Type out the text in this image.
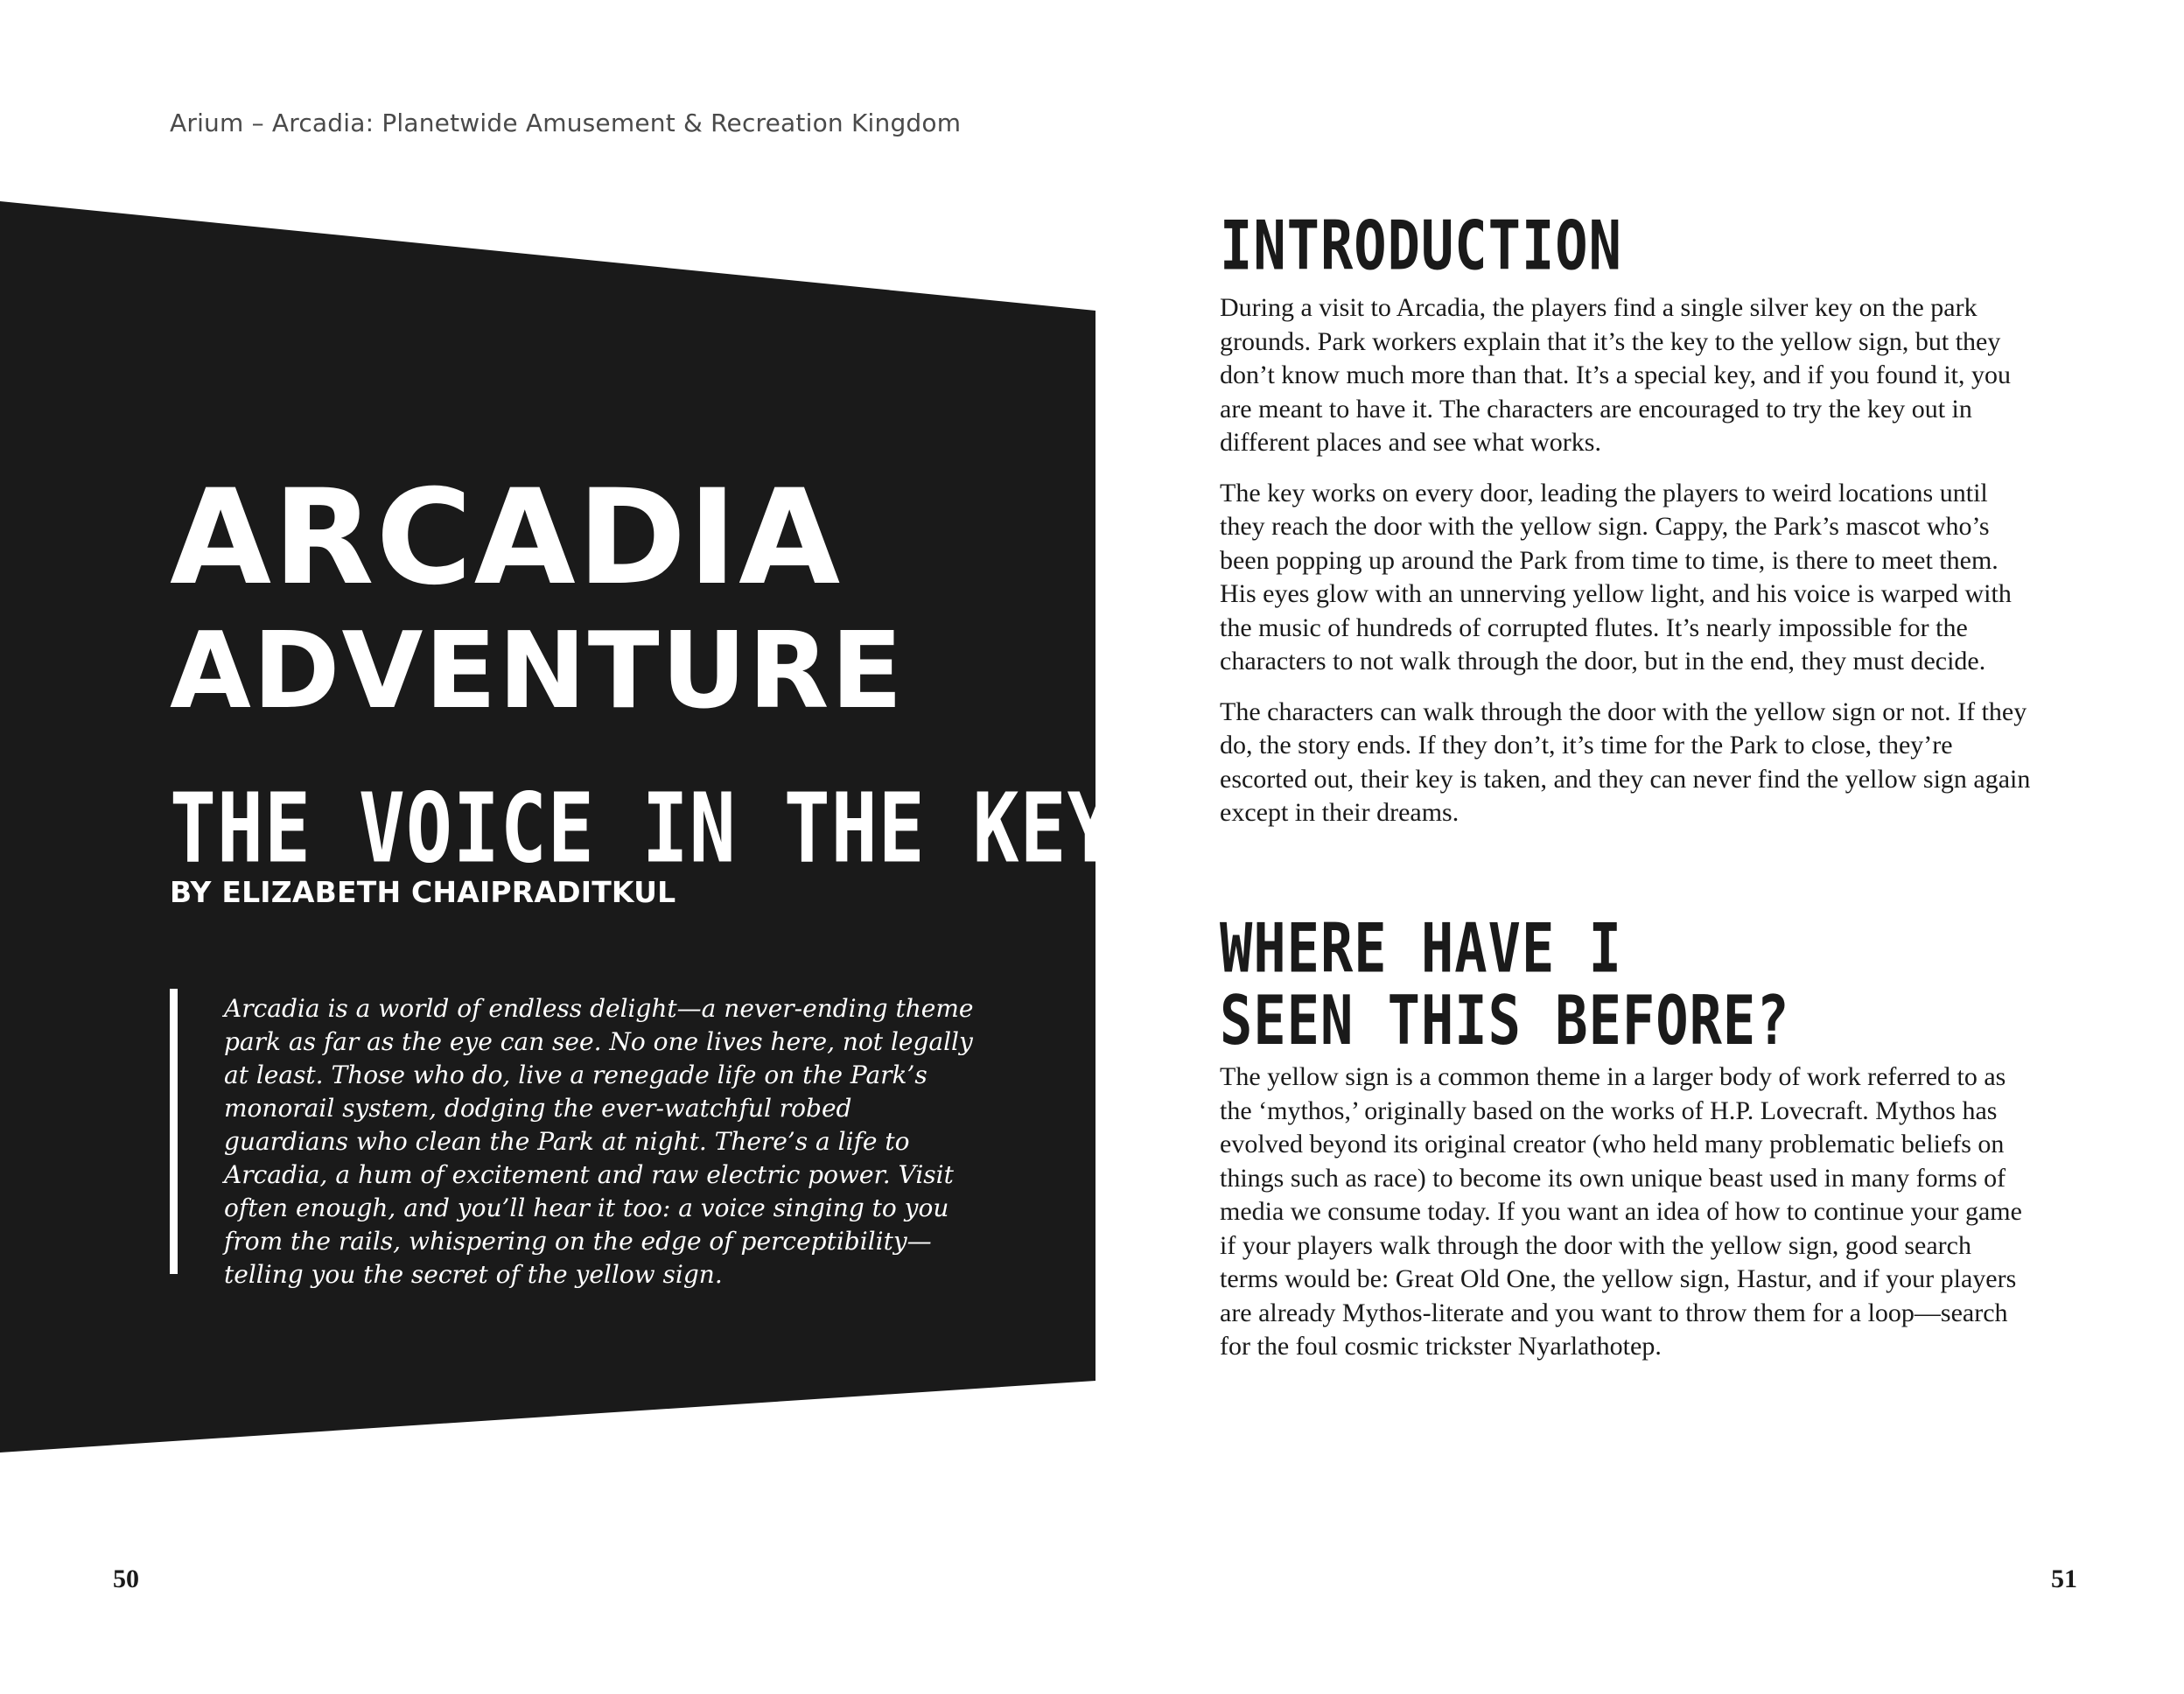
Arium – Arcadia: Planetwide Amusement & Recreation Kingdom
ARCADIA
ADVENTURE
THE VOICE IN THE KEY
BY ELIZABETH CHAIPRADITKUL

Arcadia is a world of endless delight—a never-ending theme park as far as the eye can see. No one lives here, not legally at least. Those who do, live a renegade life on the Park’s monorail system, dodging the ever-watchful robed guardians who clean the Park at night. There’s a life to Arcadia, a hum of excitement and raw electric power. Visit often enough, and you’ll hear it too: a voice singing to you from the rails, whispering on the edge of perceptibility—telling you the secret of the yellow sign.

INTRODUCTION

During a visit to Arcadia, the players find a single silver key on the park grounds. Park workers explain that it’s the key to the yellow sign, but they don’t know much more than that. It’s a special key, and if you found it, you are meant to have it. The characters are encouraged to try the key out in different places and see what works.

The key works on every door, leading the players to weird locations until they reach the door with the yellow sign. Cappy, the Park’s mascot who’s been popping up around the Park from time to time, is there to meet them. His eyes glow with an unnerving yellow light, and his voice is warped with the music of hundreds of corrupted flutes. It’s nearly impossible for the characters to not walk through the door, but in the end, they must decide.

The characters can walk through the door with the yellow sign or not. If they do, the story ends. If they don’t, it’s time for the Park to close, they’re escorted out, their key is taken, and they can never find the yellow sign again except in their dreams.

WHERE HAVE I
SEEN THIS BEFORE?

The yellow sign is a common theme in a larger body of work referred to as the ‘mythos,’ originally based on the works of H.P. Lovecraft. Mythos has evolved beyond its original creator (who held many problematic beliefs on things such as race) to become its own unique beast used in many forms of media we consume today. If you want an idea of how to continue your game if your players walk through the door with the yellow sign, good search terms would be: Great Old One, the yellow sign, Hastur, and if your players are already Mythos-literate and you want to throw them for a loop—search for the foul cosmic trickster Nyarlathotep.

50	51
